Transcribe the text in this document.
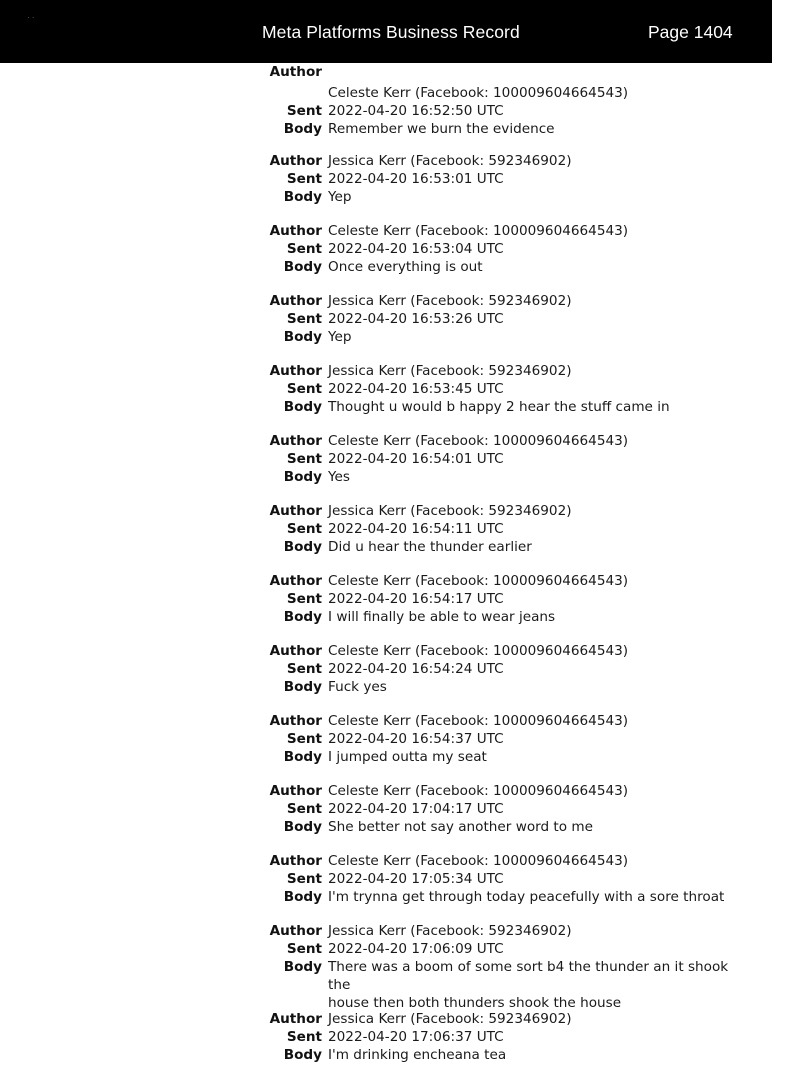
· ·
Meta Platforms Business Record	Page 1404
Author
Celeste Kerr (Facebook: 100009604664543)
Sent 2022-04-20 16:52:50 UTC
Body Remember we burn the evidence
Author Jessica Kerr (Facebook: 592346902)
Sent 2022-04-20 16:53:01 UTC
Body Yep
Author Celeste Kerr (Facebook: 100009604664543)
Sent 2022-04-20 16:53:04 UTC
Body Once everything is out
Author Jessica Kerr (Facebook: 592346902)
Sent 2022-04-20 16:53:26 UTC
Body Yep
Author Jessica Kerr (Facebook: 592346902)
Sent 2022-04-20 16:53:45 UTC
Body Thought u would b happy 2 hear the stuff came in
Author Celeste Kerr (Facebook: 100009604664543)
Sent 2022-04-20 16:54:01 UTC
Body Yes
Author Jessica Kerr (Facebook: 592346902)
Sent 2022-04-20 16:54:11 UTC
Body Did u hear the thunder earlier
Author Celeste Kerr (Facebook: 100009604664543)
Sent 2022-04-20 16:54:17 UTC
Body I will finally be able to wear jeans
Author Celeste Kerr (Facebook: 100009604664543)
Sent 2022-04-20 16:54:24 UTC
Body Fuck yes
Author Celeste Kerr (Facebook: 100009604664543)
Sent 2022-04-20 16:54:37 UTC
Body I jumped outta my seat
Author Celeste Kerr (Facebook: 100009604664543)
Sent 2022-04-20 17:04:17 UTC
Body She better not say another word to me
Author Celeste Kerr (Facebook: 100009604664543)
Sent 2022-04-20 17:05:34 UTC
Body I'm trynna get through today peacefully with a sore throat
Author Jessica Kerr (Facebook: 592346902)
Sent 2022-04-20 17:06:09 UTC
Body There was a boom of some sort b4 the thunder an it shook the
house then both thunders shook the house
Author Jessica Kerr (Facebook: 592346902)
Sent 2022-04-20 17:06:37 UTC
Body I'm drinking encheana tea
